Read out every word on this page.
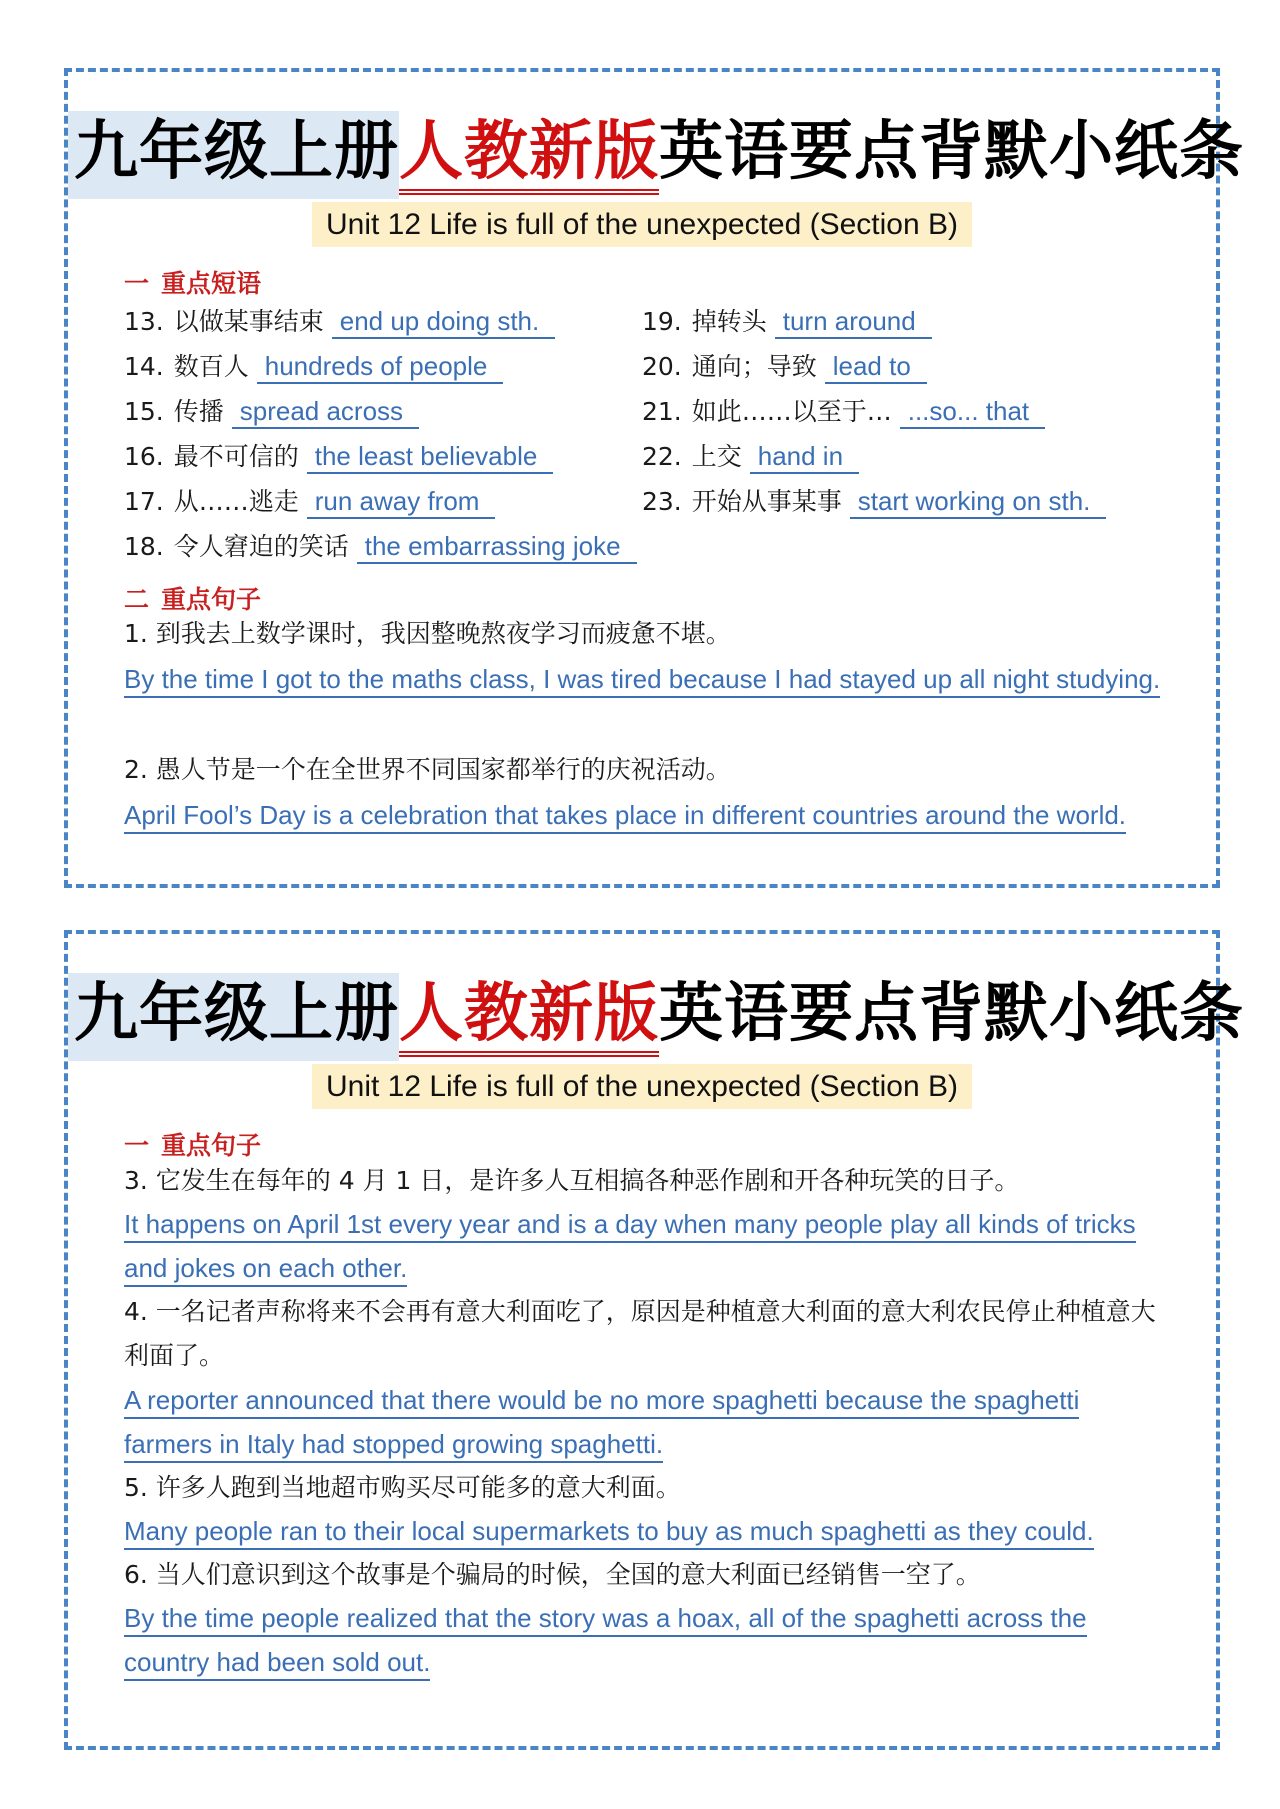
九年级上册人教新版英语要点背默小纸条
Unit 12 Life is full of the unexpected (Section B)
一 重点短语
13. 以做某事结束 end up doing sth.
14. 数百人 hundreds of people
15. 传播 spread across
16. 最不可信的 the least believable
17. 从……逃走 run away from
18. 令人窘迫的笑话 the embarrassing joke
19. 掉转头 turn around
20. 通向；导致 lead to
21. 如此……以至于… ...so... that
22. 上交 hand in
23. 开始从事某事 start working on sth.
二 重点句子
1. 到我去上数学课时，我因整晚熬夜学习而疲惫不堪。
By the time I got to the maths class, I was tired because I had stayed up all night studying.
2. 愚人节是一个在全世界不同国家都举行的庆祝活动。
April Fool’s Day is a celebration that takes place in different countries around the world.
九年级上册人教新版英语要点背默小纸条
Unit 12 Life is full of the unexpected (Section B)
一 重点句子
3. 它发生在每年的 4 月 1 日，是许多人互相搞各种恶作剧和开各种玩笑的日子。
It happens on April 1st every year and is a day when many people play all kinds of tricks and jokes on each other.
4. 一名记者声称将来不会再有意大利面吃了，原因是种植意大利面的意大利农民停止种植意大利面了。
A reporter announced that there would be no more spaghetti because the spaghetti farmers in Italy had stopped growing spaghetti.
5. 许多人跑到当地超市购买尽可能多的意大利面。
Many people ran to their local supermarkets to buy as much spaghetti as they could.
6. 当人们意识到这个故事是个骗局的时候，全国的意大利面已经销售一空了。
By the time people realized that the story was a hoax, all of the spaghetti across the country had been sold out.
